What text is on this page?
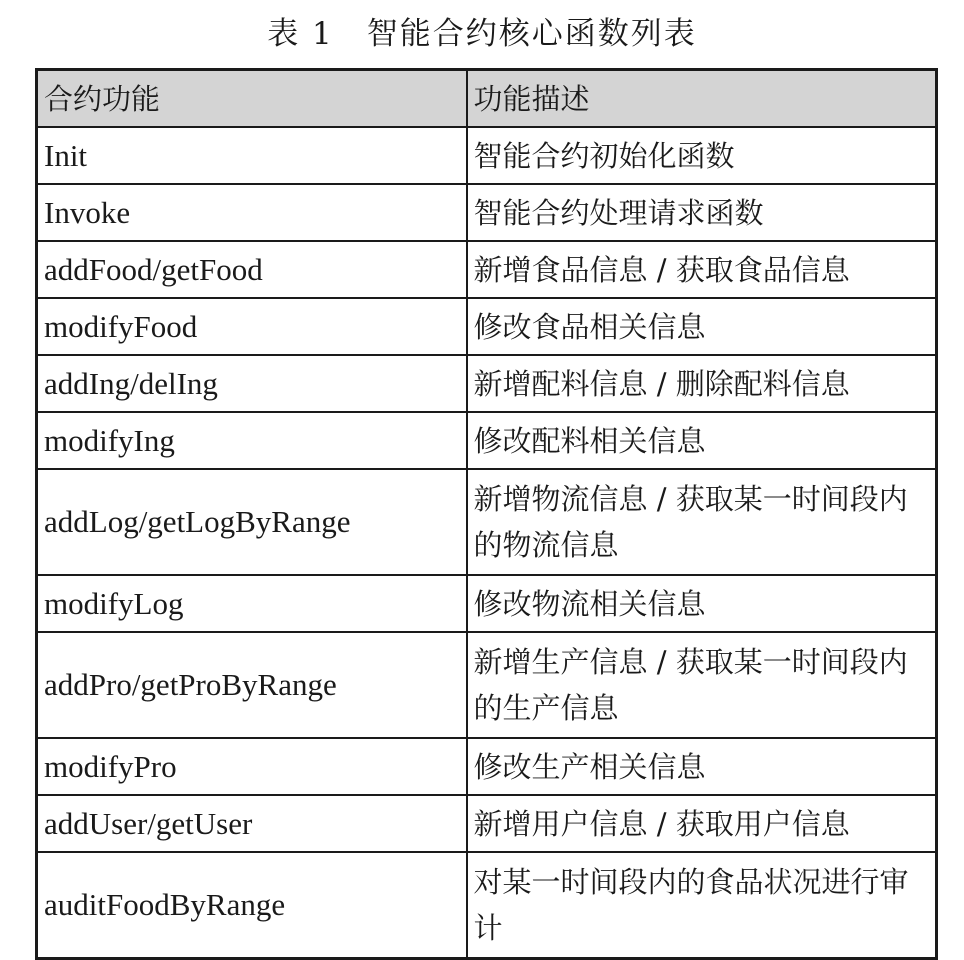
表 1　智能合约核心函数列表
合约功能	功能描述
Init	智能合约初始化函数
Invoke	智能合约处理请求函数
addFood/getFood	新增食品信息 / 获取食品信息
modifyFood	修改食品相关信息
addIng/delIng	新增配料信息 / 删除配料信息
modifyIng	修改配料相关信息
addLog/getLogByRange	新增物流信息 / 获取某一时间段内的物流信息
modifyLog	修改物流相关信息
addPro/getProByRange	新增生产信息 / 获取某一时间段内的生产信息
modifyPro	修改生产相关信息
addUser/getUser	新增用户信息 / 获取用户信息
auditFoodByRange	对某一时间段内的食品状况进行审计
